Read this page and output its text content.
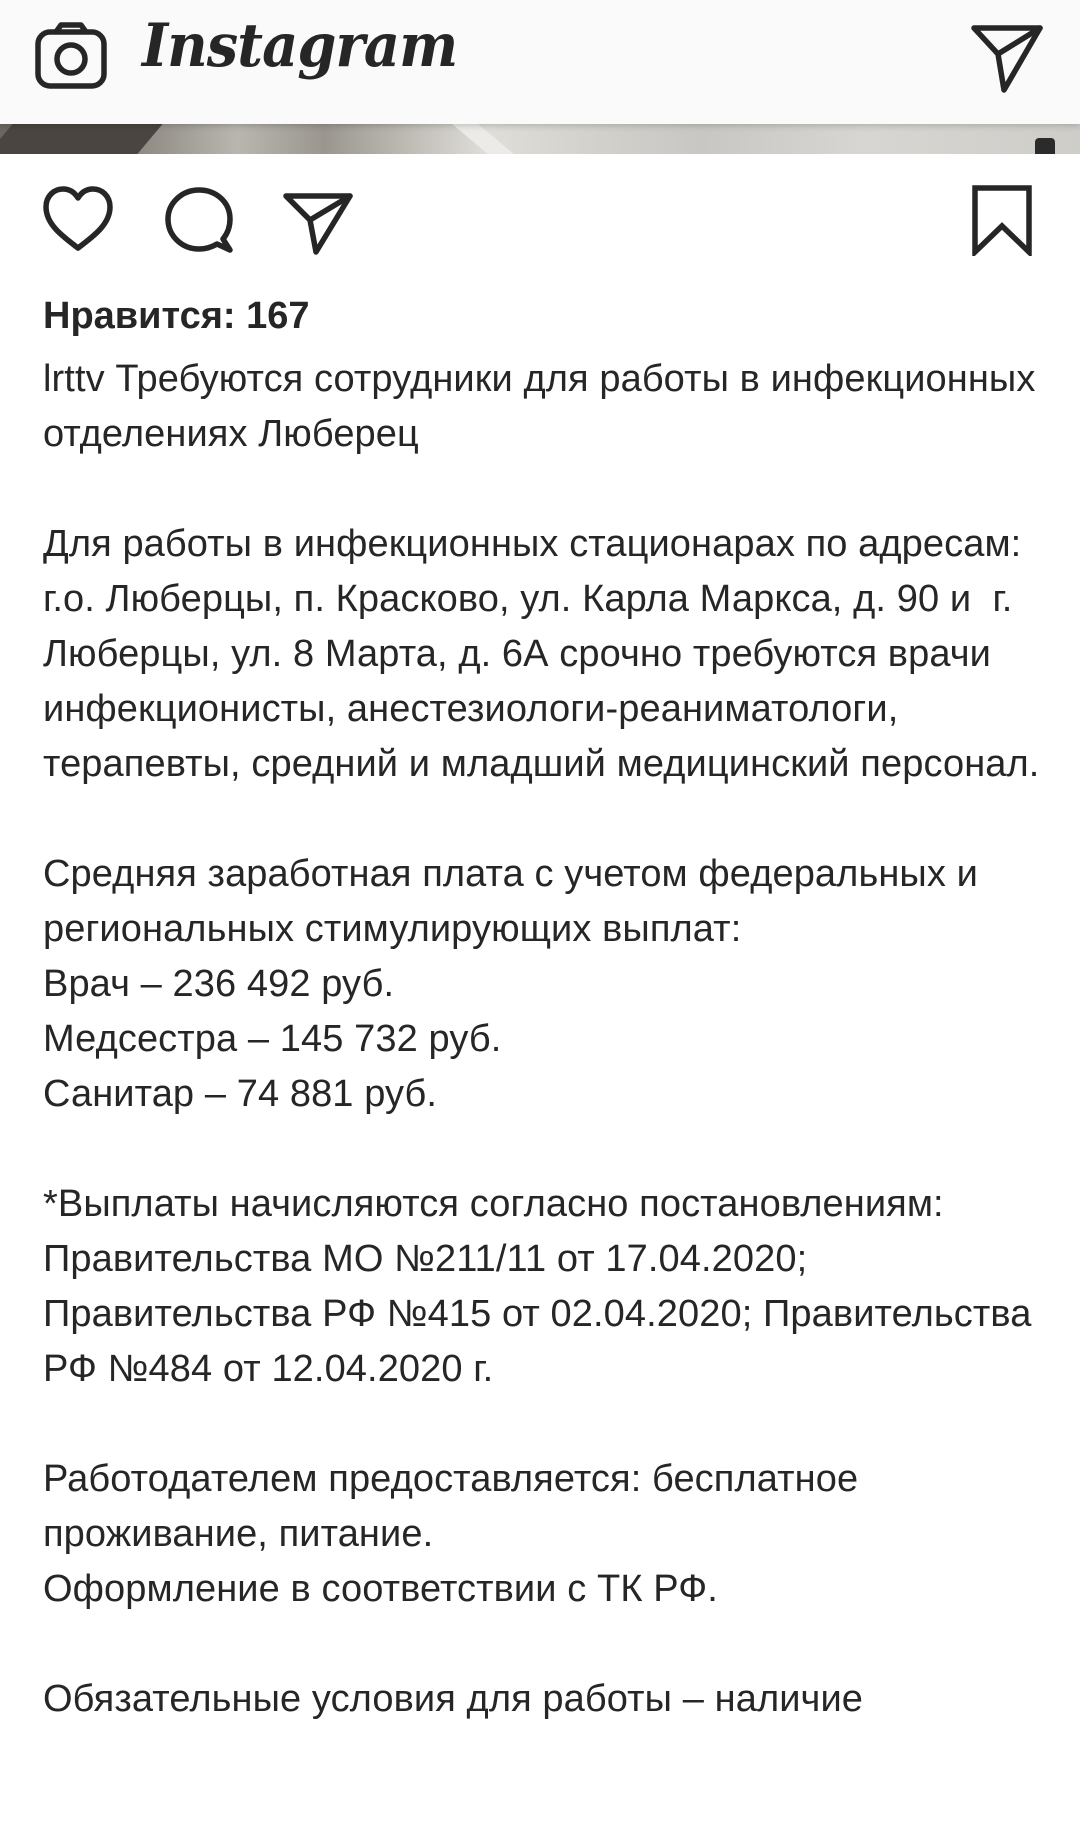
Instagram
Нравится: 167

lrttv Требуются сотрудники для работы в инфекционных отделениях Люберец

Для работы в инфекционных стационарах по адресам: г.о. Люберцы, п. Красково, ул. Карла Маркса, д. 90 и  г. Люберцы, ул. 8 Марта, д. 6А срочно требуются врачи инфекционисты, анестезиологи-реаниматологи, терапевты, средний и младший медицинский персонал.

Средняя заработная плата с учетом федеральных и региональных стимулирующих выплат:

Врач – 236 492 руб.

Медсестра – 145 732 руб.

Санитар – 74 881 руб.

*Выплаты начисляются согласно постановлениям: Правительства МО №211/11 от 17.04.2020; Правительства РФ №415 от 02.04.2020; Правительства РФ №484 от 12.04.2020 г.

Работодателем предоставляется: бесплатное проживание, питание.

Оформление в соответствии с ТК РФ.

Обязательные условия для работы – наличие
